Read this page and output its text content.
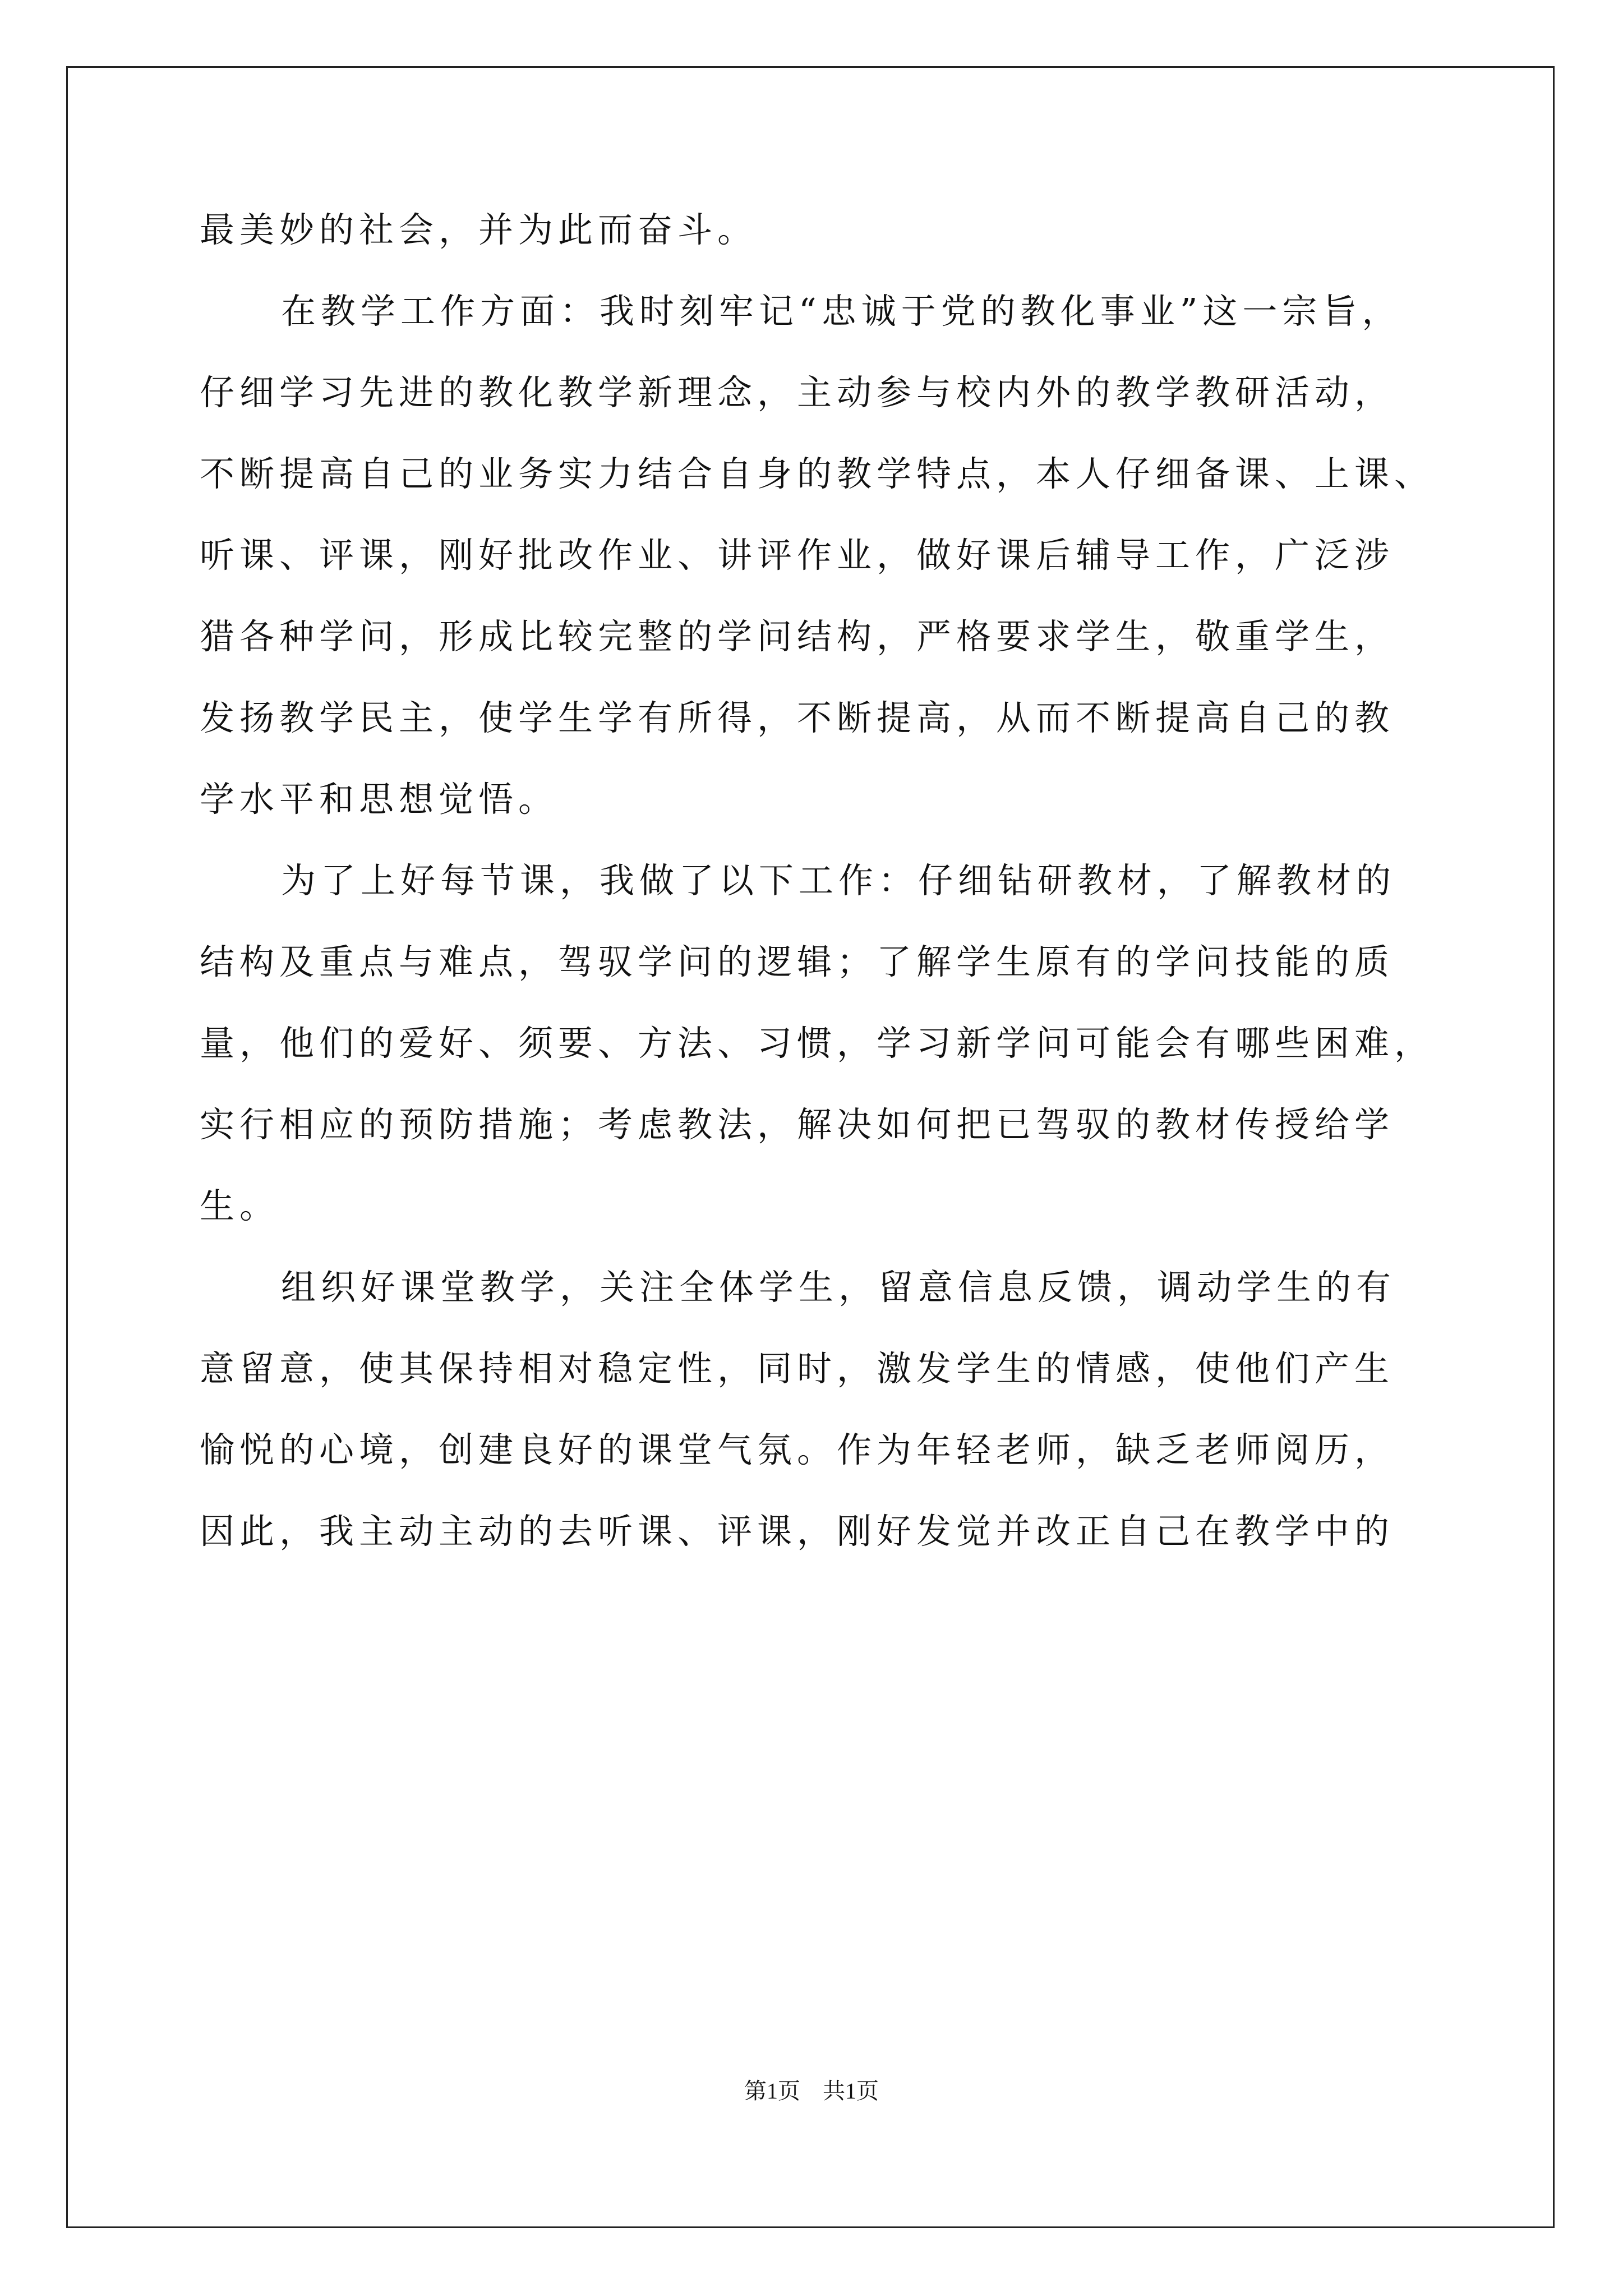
最美妙的社会，并为此而奋斗。
在教学工作方面：我时刻牢记“忠诚于党的教化事业”这一宗旨，
仔细学习先进的教化教学新理念，主动参与校内外的教学教研活动，
不断提高自己的业务实力结合自身的教学特点，本人仔细备课、上课、
听课、评课，刚好批改作业、讲评作业，做好课后辅导工作，广泛涉
猎各种学问，形成比较完整的学问结构，严格要求学生，敬重学生，
发扬教学民主，使学生学有所得，不断提高，从而不断提高自己的教
学水平和思想觉悟。
为了上好每节课，我做了以下工作：仔细钻研教材，了解教材的
结构及重点与难点，驾驭学问的逻辑；了解学生原有的学问技能的质
量，他们的爱好、须要、方法、习惯，学习新学问可能会有哪些困难，
实行相应的预防措施；考虑教法，解决如何把已驾驭的教材传授给学
生。
组织好课堂教学，关注全体学生，留意信息反馈，调动学生的有
意留意，使其保持相对稳定性，同时，激发学生的情感，使他们产生
愉悦的心境，创建良好的课堂气氛。作为年轻老师，缺乏老师阅历，
因此，我主动主动的去听课、评课，刚好发觉并改正自己在教学中的
第1页 共1页
